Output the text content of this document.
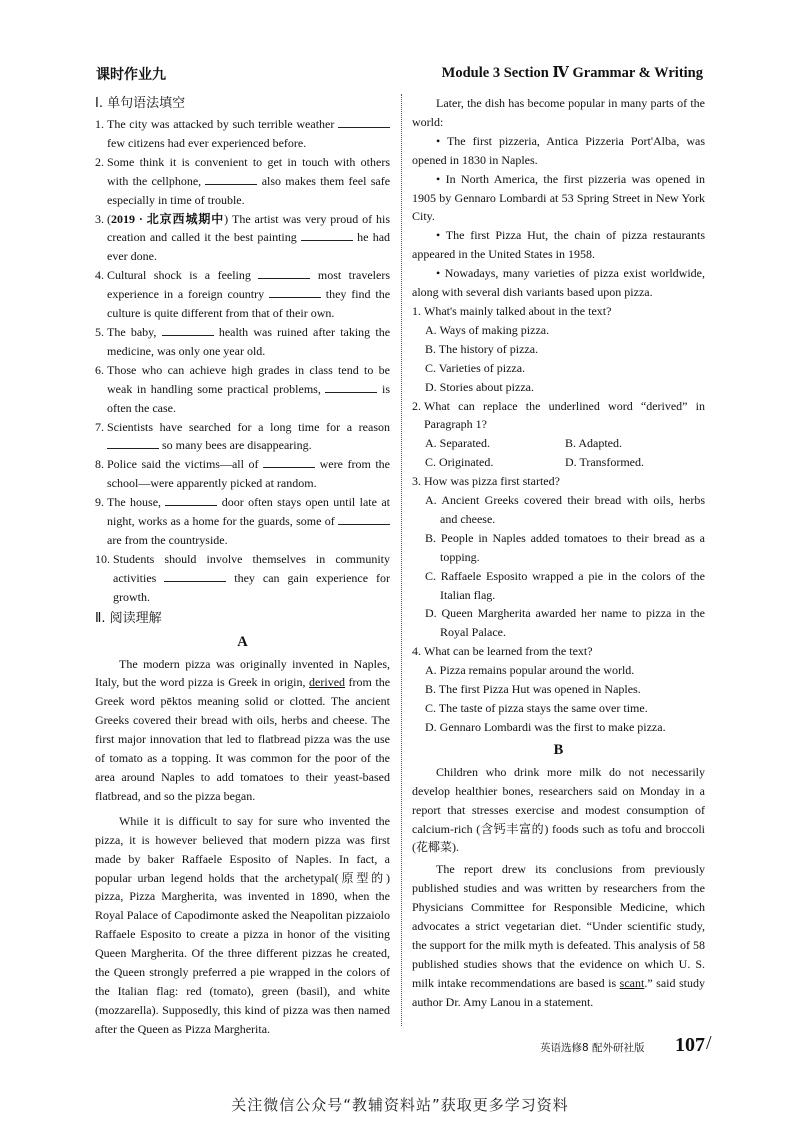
课时作业九	Module 3 Section Ⅳ Grammar & Writing
Ⅰ. 单句语法填空
1. The city was attacked by such terrible weather  few citizens had ever experienced before.
2. Some think it is convenient to get in touch with others with the cellphone,	also makes them feel safe especially in time of trouble.
3. (2019 · 北京西城期中) The artist was very proud of his creation and called it the best painting	he had ever done.
4. Cultural shock is a feeling	most travelers experience in a foreign country	they find the culture is quite different from that of their own.
5. The baby,	health was ruined after taking the medicine, was only one year old.
6. Those who can achieve high grades in class tend to be weak in handling some practical problems,	is often the case.
7. Scientists have searched for a long time for a reason  so many bees are disappearing.
8. Police said the victims—all of	were from the school—were apparently picked at random.
9. The house,	door often stays open until late at night, works as a home for the guards, some of  are from the countryside.
10. Students should involve themselves in community activities	they can gain experience for growth.
Ⅱ. 阅读理解
A

The modern pizza was originally invented in Naples, Italy, but the word pizza is Greek in origin, derived from the Greek word pēktos meaning solid or clotted. The ancient Greeks covered their bread with oils, herbs and cheese. The first major innovation that led to flatbread pizza was the use of tomato as a topping. It was common for the poor of the area around Naples to add tomatoes to their yeast-based flatbread, and so the pizza began.

While it is difficult to say for sure who invented the pizza, it is however believed that modern pizza was first made by baker Raffaele Esposito of Naples. In fact, a popular urban legend holds that the archetypal(原型的) pizza, Pizza Margherita, was invented in 1890, when the Royal Palace of Capodimonte asked the Neapolitan pizzaiolo Raffaele Esposito to create a pizza in honor of the visiting Queen Margherita. Of the three different pizzas he created, the Queen strongly preferred a pie wrapped in the colors of the Italian flag: red (tomato), green (basil), and white (mozzarella). Supposedly, this kind of pizza was then named after the Queen as Pizza Margherita.

Later, the dish has become popular in many parts of the world:

• The first pizzeria, Antica Pizzeria Port'Alba, was opened in 1830 in Naples.

• In North America, the first pizzeria was opened in 1905 by Gennaro Lombardi at 53 Spring Street in New York City.

• The first Pizza Hut, the chain of pizza restaurants appeared in the United States in 1958.

• Nowadays, many varieties of pizza exist worldwide, along with several dish variants based upon pizza.

1. What's mainly talked about in the text?
A. Ways of making pizza.
B. The history of pizza.
C. Varieties of pizza.
D. Stories about pizza.
2. What can replace the underlined word “derived” in Paragraph 1?
A. Separated.	B. Adapted.
C. Originated.	D. Transformed.
3. How was pizza first started?
A. Ancient Greeks covered their bread with oils, herbs and cheese.
B. People in Naples added tomatoes to their bread as a topping.
C. Raffaele Esposito wrapped a pie in the colors of the Italian flag.
D. Queen Margherita awarded her name to pizza in the Royal Palace.
4. What can be learned from the text?
A. Pizza remains popular around the world.
B. The first Pizza Hut was opened in Naples.
C. The taste of pizza stays the same over time.
D. Gennaro Lombardi was the first to make pizza.
B

Children who drink more milk do not necessarily develop healthier bones, researchers said on Monday in a report that stresses exercise and modest consumption of calcium-rich (含钙丰富的) foods such as tofu and broccoli (花椰菜).

The report drew its conclusions from previously published studies and was written by researchers from the Physicians Committee for Responsible Medicine, which advocates a strict vegetarian diet. “Under scientific study, the support for the milk myth is defeated. This analysis of 58 published studies shows that the evidence on which U. S. milk intake recommendations are based is scant.” said study author Dr. Amy Lanou in a statement.

英语选修8 配外研社版 107 /
关注微信公众号“教辅资料站”获取更多学习资料
